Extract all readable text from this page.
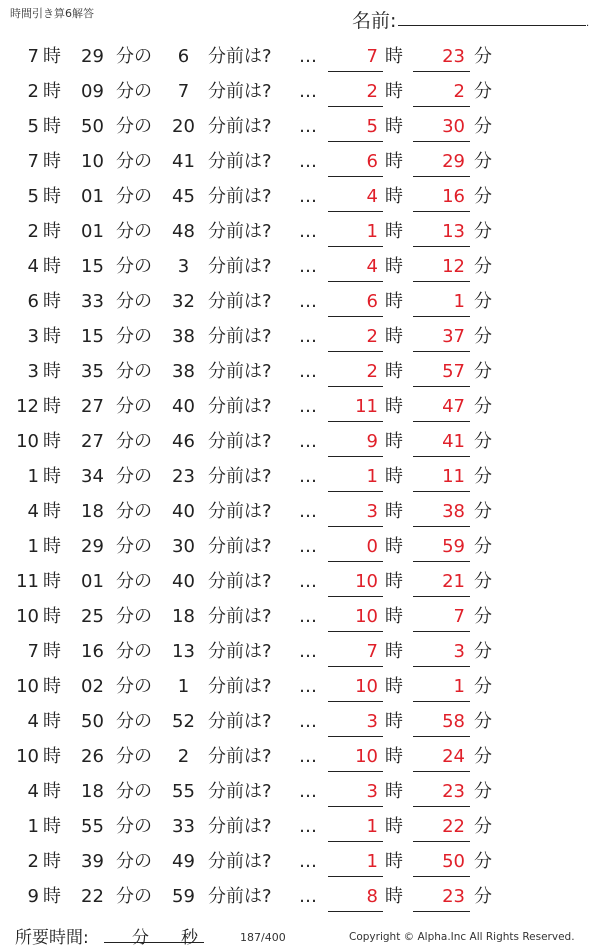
時間引き算6解答	名前:	.
7 時	29 分の	6	分前は? …	7 時	23 分
2 時	09 分の	7	分前は? …	2 時	2 分
5 時	50 分の	20 分前は? …	5 時	30 分
7 時	10 分の	41 分前は? …	6 時	29 分
5 時	01 分の	45 分前は? …	4 時	16 分
2 時	01 分の	48 分前は? …	1 時	13 分
4 時	15 分の	3	分前は? …	4 時	12 分
6 時	33 分の	32 分前は? …	6 時	1 分
3 時	15 分の	38 分前は? …	2 時	37 分
3 時	35 分の	38 分前は? …	2 時	57 分
12 時	27 分の	40 分前は? …	11 時	47 分
10 時	27 分の	46 分前は? …	9 時	41 分
1 時	34 分の	23 分前は? …	1 時	11 分
4 時	18 分の	40 分前は? …	3 時	38 分
1 時	29 分の	30 分前は? …	0 時	59 分
11 時	01 分の	40 分前は? …	10 時	21 分
10 時	25 分の	18 分前は? …	10 時	7 分
7 時	16 分の	13 分前は? …	7 時	3 分
10 時	02 分の	1	分前は? …	10 時	1 分
4 時	50 分の	52 分前は? …	3 時	58 分
10 時	26 分の	2	分前は? …	10 時	24 分
4 時	18 分の	55 分前は? …	3 時	23 分
1 時	55 分の	33 分前は? …	1 時	22 分
2 時	39 分の	49 分前は? …	1 時	50 分
9 時	22 分の	59 分前は? …	8 時	23 分
所要時間:	分 秒	187/400	Copyright © Alpha.Inc All Rights Reserved.
